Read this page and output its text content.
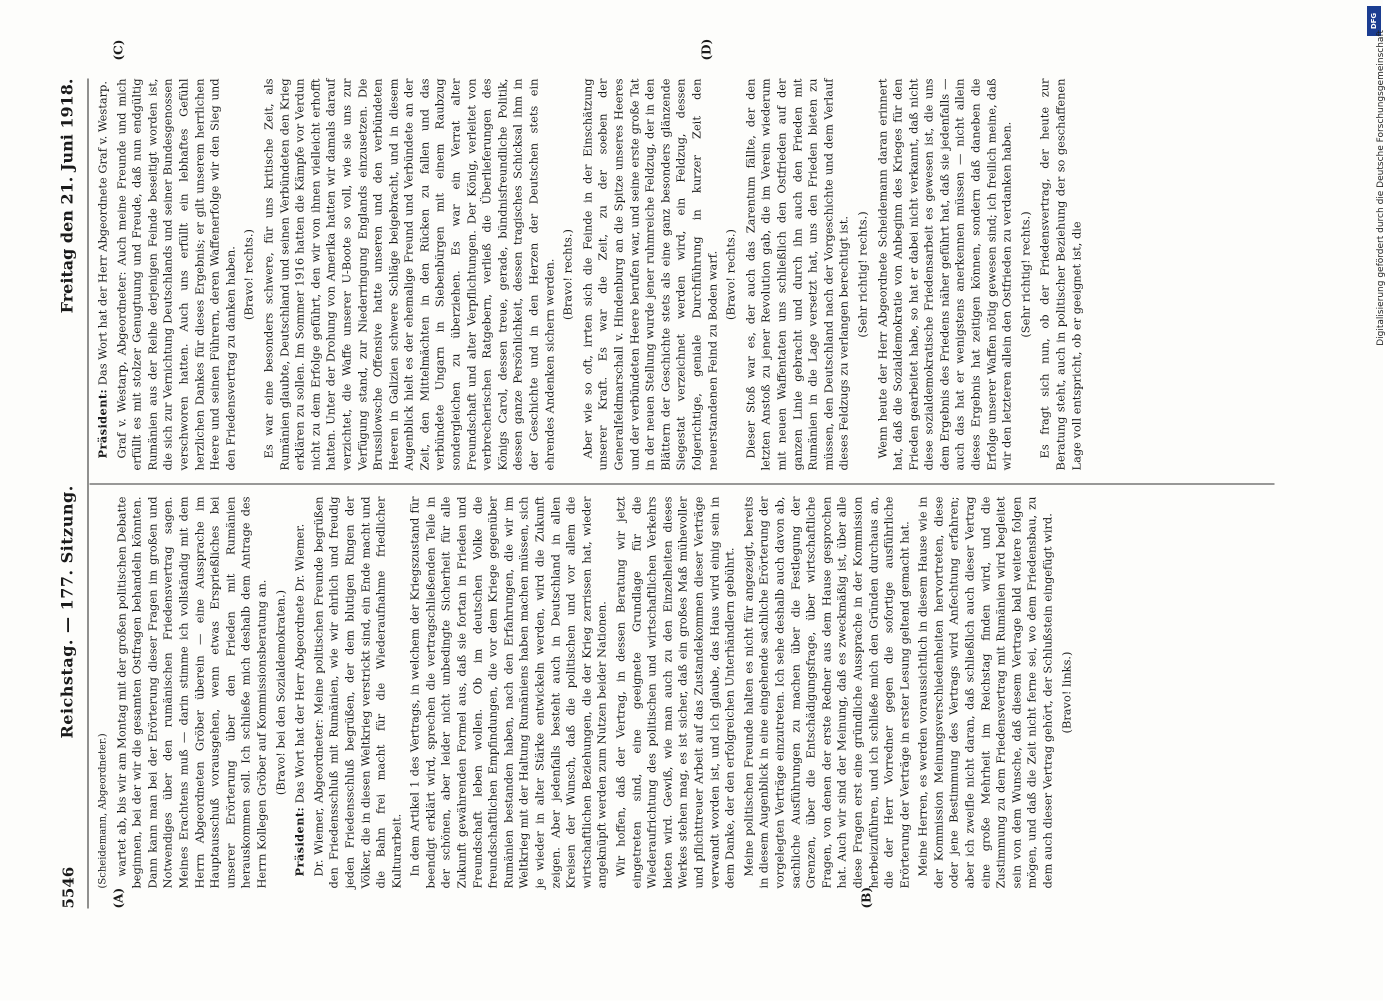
5546
Reichstag. — 177. Sitzung.
Freitag den 21. Juni 1918.
(A)	(B)
(C)	(D)

(Scheidemann, Abgeordneter.) wartet ab, bis wir am Montag mit der großen politischen Debatte beginnen, bei der wir die gesamten Ostfragen behandeln könnten. Dann kann man bei der Erörterung dieser Fragen im großen und Notwendiges über den rumänischen Friedensvertrag sagen. Meines Erachtens muß — darin stimme ich vollständig mit dem Herrn Abgeordneten Gröber überein — eine Aussprache im Hauptausschuß vorausgehen, wenn etwas Ersprießliches bei unserer Erörterung über den Frieden mit Rumänien herauskommen soll. Ich schließe mich deshalb dem Antrage des Herrn Kollegen Gröber auf Kommissionsberatung an. (Bravo! bei den Sozialdemokraten.)

Präsident: Das Wort hat der Herr Abgeordnete Dr. Wiemer. Dr. Wiemer, Abgeordneter: Meine politischen Freunde begrüßen den Friedensschluß mit Rumänien, wie wir ehrlich und freudig jeden Friedensschluß begrüßen, der dem blutigen Ringen der Völker, die in diesen Weltkrieg verstrickt sind, ein Ende macht und die Bahn frei macht für die Wiederaufnahme friedlicher Kulturarbeit. In dem Artikel 1 des Vertrags, in welchem der Kriegszustand für beendigt erklärt wird, sprechen die vertragschließenden Teile in der schönen, aber leider nicht unbedingte Sicherheit für alle Zukunft gewährenden Formel aus, daß sie fortan in Frieden und Freundschaft leben wollen. Ob im deutschen Volke die freundschaftlichen Empfindungen, die vor dem Kriege gegenüber Rumänien bestanden haben, nach den Erfahrungen, die wir im Weltkrieg mit der Haltung Rumäniens haben machen müssen, sich je wieder in alter Stärke entwickeln werden, wird die Zukunft zeigen. Aber jedenfalls besteht auch in Deutschland in allen Kreisen der Wunsch, daß die politischen und vor allem die wirtschaftlichen Beziehungen, die der Krieg zerrissen hat, wieder angeknüpft werden zum Nutzen beider Nationen. Wir hoffen, daß der Vertrag, in dessen Beratung wir jetzt eingetreten sind, eine geeignete Grundlage für die Wiederaufrichtung des politischen und wirtschaftlichen Verkehrs bieten wird. Gewiß, wie man auch zu den Einzelheiten dieses Werkes stehen mag, es ist sicher, daß ein großes Maß mühevoller und pflichttreuer Arbeit auf das Zustandekommen dieser Verträge verwandt worden ist, und ich glaube, das Haus wird einig sein in dem Danke, der den erfolgreichen Unterhändlern gebührt. Meine politischen Freunde halten es nicht für angezeigt, bereits in diesem Augenblick in eine eingehende sachliche Erörterung der vorgelegten Verträge einzutreten. Ich sehe deshalb auch davon ab, sachliche Ausführungen zu machen über die Festlegung der Grenzen, über die Entschädigungsfrage, über wirtschaftliche Fragen, von denen der erste Redner aus dem Hause gesprochen hat. Auch wir sind der Meinung, daß es zweckmäßig ist, über alle diese Fragen erst eine gründliche Aussprache in der Kommission herbeizuführen, und ich schließe mich den Gründen durchaus an, die der Herr Vorredner gegen die sofortige ausführliche Erörterung der Verträge in erster Lesung geltend gemacht hat. Meine Herren, es werden voraussichtlich in diesem Hause wie in der Kommission Meinungsverschiedenheiten hervortreten, diese oder jene Bestimmung des Vertrags wird Anfechtung erfahren; aber ich zweifle nicht daran, daß schließlich auch dieser Vertrag eine große Mehrheit im Reichstag finden wird, und die Zustimmung zu dem Friedensvertrag mit Rumänien wird begleitet sein von dem Wunsche, daß diesem Vertrage bald weitere folgen mögen, und daß die Zeit nicht ferne sei, wo dem Friedensbau, zu dem auch dieser Vertrag gehört, der Schlußstein eingefügt wird. (Bravo! links.)

Präsident: Das Wort hat der Herr Abgeordnete Graf v. Westarp. Graf v. Westarp, Abgeordneter: Auch meine Freunde und mich erfüllt es mit stolzer Genugtuung und Freude, daß nun endgültig Rumänien aus der Reihe derjenigen Feinde beseitigt worden ist, die sich zur Vernichtung Deutschlands und seiner Bundesgenossen verschworen hatten. Auch uns erfüllt ein lebhaftes Gefühl herzlichen Dankes für dieses Ergebnis; er gilt unserem herrlichen Heere und seinen Führern, deren Waffenerfolge wir den Sieg und den Friedensvertrag zu danken haben. (Bravo! rechts.) Es war eine besonders schwere, für uns kritische Zeit, als Rumänien glaubte, Deutschland und seinen Verbündeten den Krieg erklären zu sollen. Im Sommer 1916 hatten die Kämpfe vor Verdun nicht zu dem Erfolge geführt, den wir von ihnen vielleicht erhofft hatten. Unter der Drohung von Amerika hatten wir damals darauf verzichtet, die Waffe unserer U-Boote so voll, wie sie uns zur Verfügung stand, zur Niederringung Englands einzusetzen. Die Brussilowsche Offensive hatte unseren und den verbündeten Heeren in Galizien schwere Schläge beigebracht, und in diesem Augenblick hielt es der ehemalige Freund und Verbündete an der Zeit, den Mittelmächten in den Rücken zu fallen und das verbündete Ungarn in Siebenbürgen mit einem Raubzug sondergleichen zu überziehen. Es war ein Verrat alter Freundschaft und alter Verpflichtungen. Der König, verleitet von verbrecherischen Ratgebern, verließ die Überlieferungen des Königs Carol, dessen treue, gerade, bündnisfreundliche Politik, dessen ganze Persönlichkeit, dessen tragisches Schicksal ihm in der Geschichte und in den Herzen der Deutschen stets ein ehrendes Andenken sichern werden. (Bravo! rechts.) Aber wie so oft, irrten sich die Feinde in der Einschätzung unserer Kraft. Es war die Zeit, zu der soeben der Generalfeldmarschall v. Hindenburg an die Spitze unseres Heeres und der verbündeten Heere berufen war, und seine erste große Tat in der neuen Stellung wurde jener ruhmreiche Feldzug, der in den Blättern der Geschichte stets als eine ganz besonders glänzende Siegestat verzeichnet werden wird, ein Feldzug, dessen folgerichtige, geniale Durchführung in kurzer Zeit den neuerstandenen Feind zu Boden warf. (Bravo! rechts.) Dieser Stoß war es, der auch das Zarentum fällte, der den letzten Anstoß zu jener Revolution gab, die im Verein wiederum mit neuen Waffentaten uns schließlich den Ostfrieden auf der ganzen Linie gebracht und durch ihn auch den Frieden mit Rumänien in die Lage versetzt hat, uns den Frieden bieten zu müssen, den Deutschland nach der Vorgeschichte und dem Verlauf dieses Feldzugs zu verlangen berechtigt ist. (Sehr richtig! rechts.) Wenn heute der Herr Abgeordnete Scheidemann daran erinnert hat, daß die Sozialdemokratie von Anbeginn des Krieges für den Frieden gearbeitet habe, so hat er dabei nicht verkannt, daß nicht diese sozialdemokratische Friedensarbeit es gewesen ist, die uns dem Ergebnis des Friedens näher geführt hat, daß sie jedenfalls — auch das hat er wenigstens anerkennen müssen — nicht allein dieses Ergebnis hat zeitigen können, sondern daß daneben die Erfolge unserer Waffen nötig gewesen sind; ich freilich meine, daß wir den letzteren allein den Ostfrieden zu verdanken haben. (Sehr richtig! rechts.) Es fragt sich nun, ob der Friedensvertrag, der heute zur Beratung steht, auch in politischer Beziehung der so geschaffenen Lage voll entspricht, ob er geeignet ist, die

DFG
Digitalisierung gefördert durch die Deutsche Forschungsgemeinschaft
